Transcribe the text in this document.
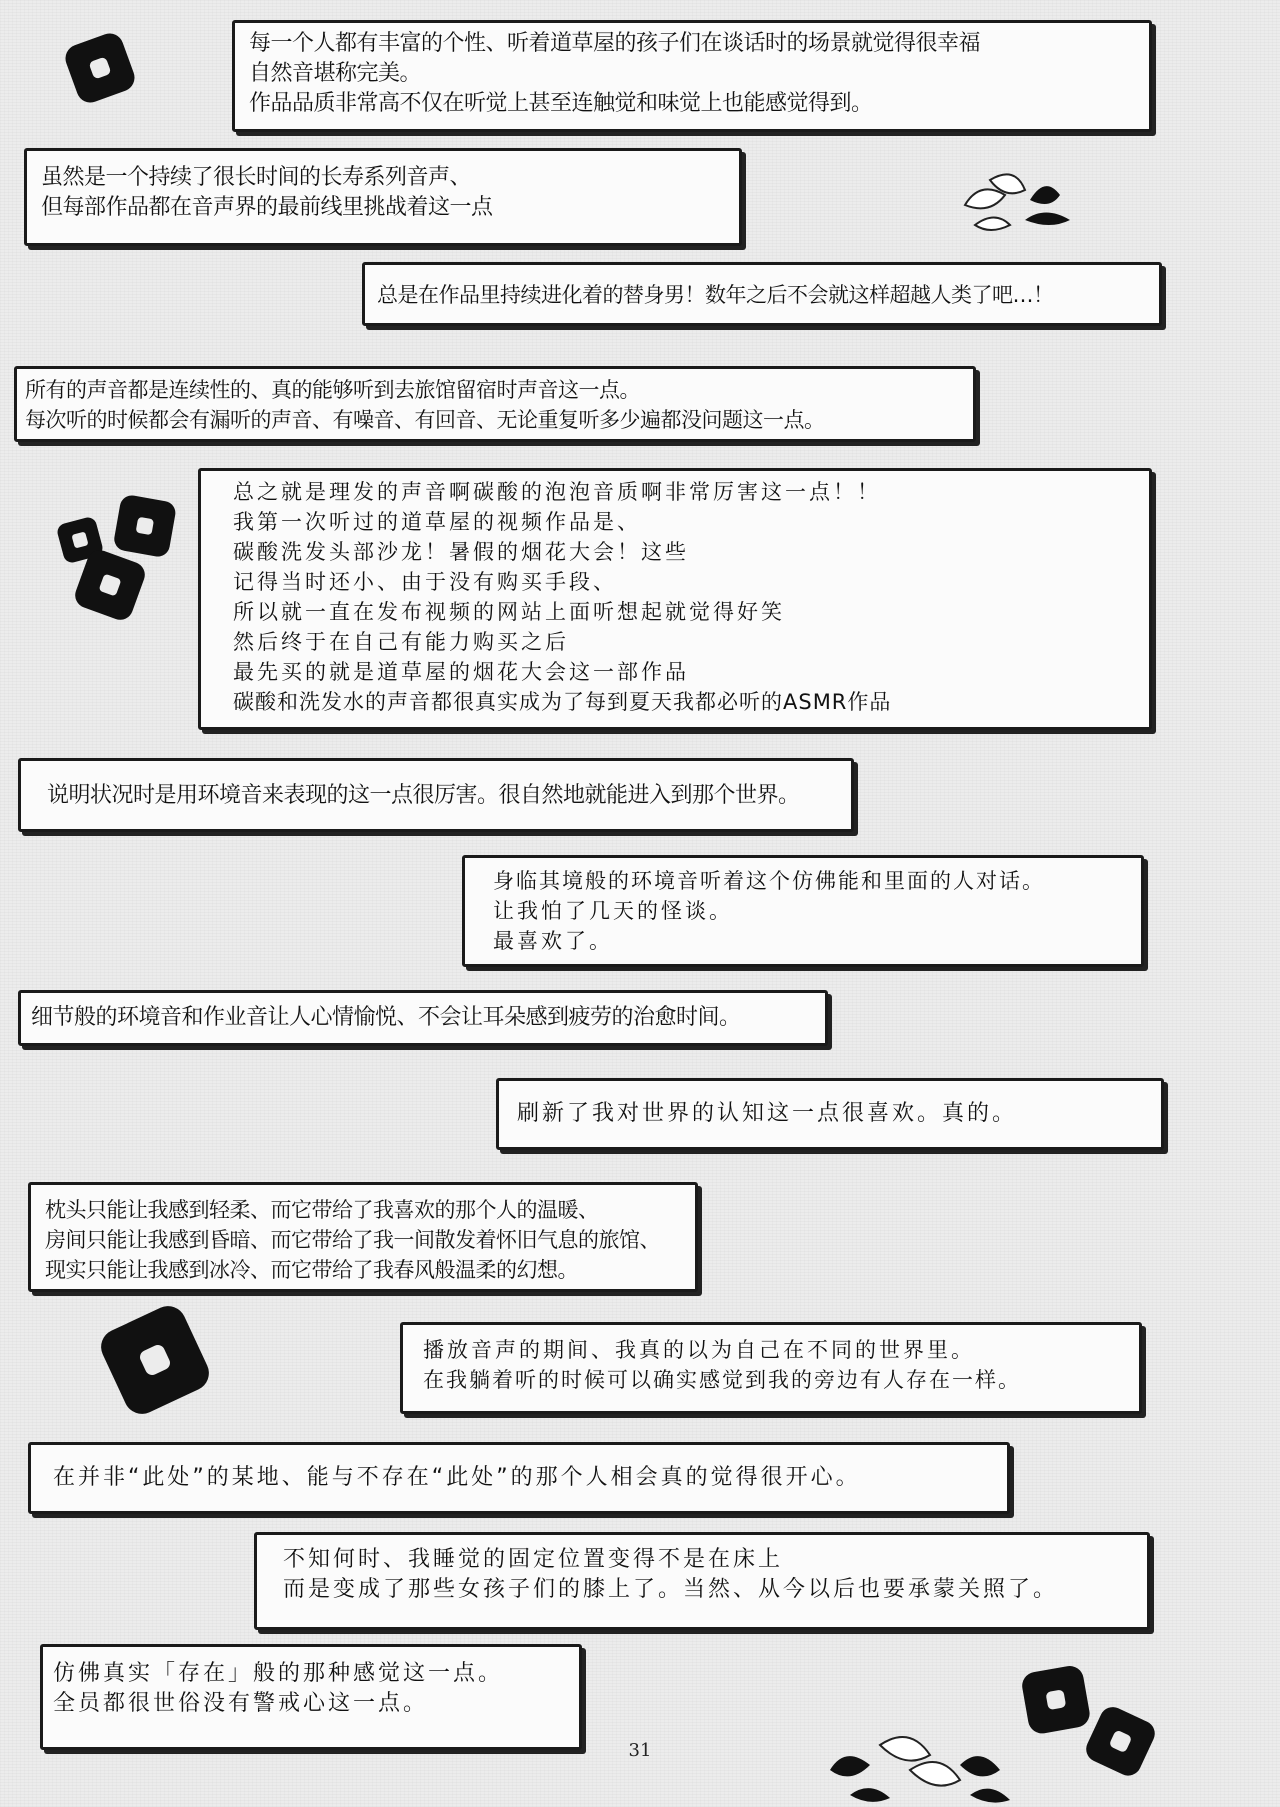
每一个人都有丰富的个性、听着道草屋的孩子们在谈话时的场景就觉得很幸福
自然音堪称完美。
作品品质非常高不仅在听觉上甚至连触觉和味觉上也能感觉得到。
虽然是一个持续了很长时间的长寿系列音声、
但每部作品都在音声界的最前线里挑战着这一点
总是在作品里持续进化着的替身男！数年之后不会就这样超越人类了吧…！
所有的声音都是连续性的、真的能够听到去旅馆留宿时声音这一点。
每次听的时候都会有漏听的声音、有噪音、有回音、无论重复听多少遍都没问题这一点。
总之就是理发的声音啊碳酸的泡泡音质啊非常厉害这一点！！
我第一次听过的道草屋的视频作品是、
碳酸洗发头部沙龙！暑假的烟花大会！这些
记得当时还小、由于没有购买手段、
所以就一直在发布视频的网站上面听想起就觉得好笑
然后终于在自己有能力购买之后
最先买的就是道草屋的烟花大会这一部作品
碳酸和洗发水的声音都很真实成为了每到夏天我都必听的ASMR作品
说明状况时是用环境音来表现的这一点很厉害。很自然地就能进入到那个世界。
身临其境般的环境音听着这个仿佛能和里面的人对话。
让我怕了几天的怪谈。
最喜欢了。
细节般的环境音和作业音让人心情愉悦、不会让耳朵感到疲劳的治愈时间。
刷新了我对世界的认知这一点很喜欢。真的。
枕头只能让我感到轻柔、而它带给了我喜欢的那个人的温暖、
房间只能让我感到昏暗、而它带给了我一间散发着怀旧气息的旅馆、
现实只能让我感到冰冷、而它带给了我春风般温柔的幻想。
播放音声的期间、我真的以为自己在不同的世界里。
在我躺着听的时候可以确实感觉到我的旁边有人存在一样。
在并非“此处”的某地、能与不存在“此处”的那个人相会真的觉得很开心。
不知何时、我睡觉的固定位置变得不是在床上
而是变成了那些女孩子们的膝上了。当然、从今以后也要承蒙关照了。
仿佛真实「存在」般的那种感觉这一点。
全员都很世俗没有警戒心这一点。
31
